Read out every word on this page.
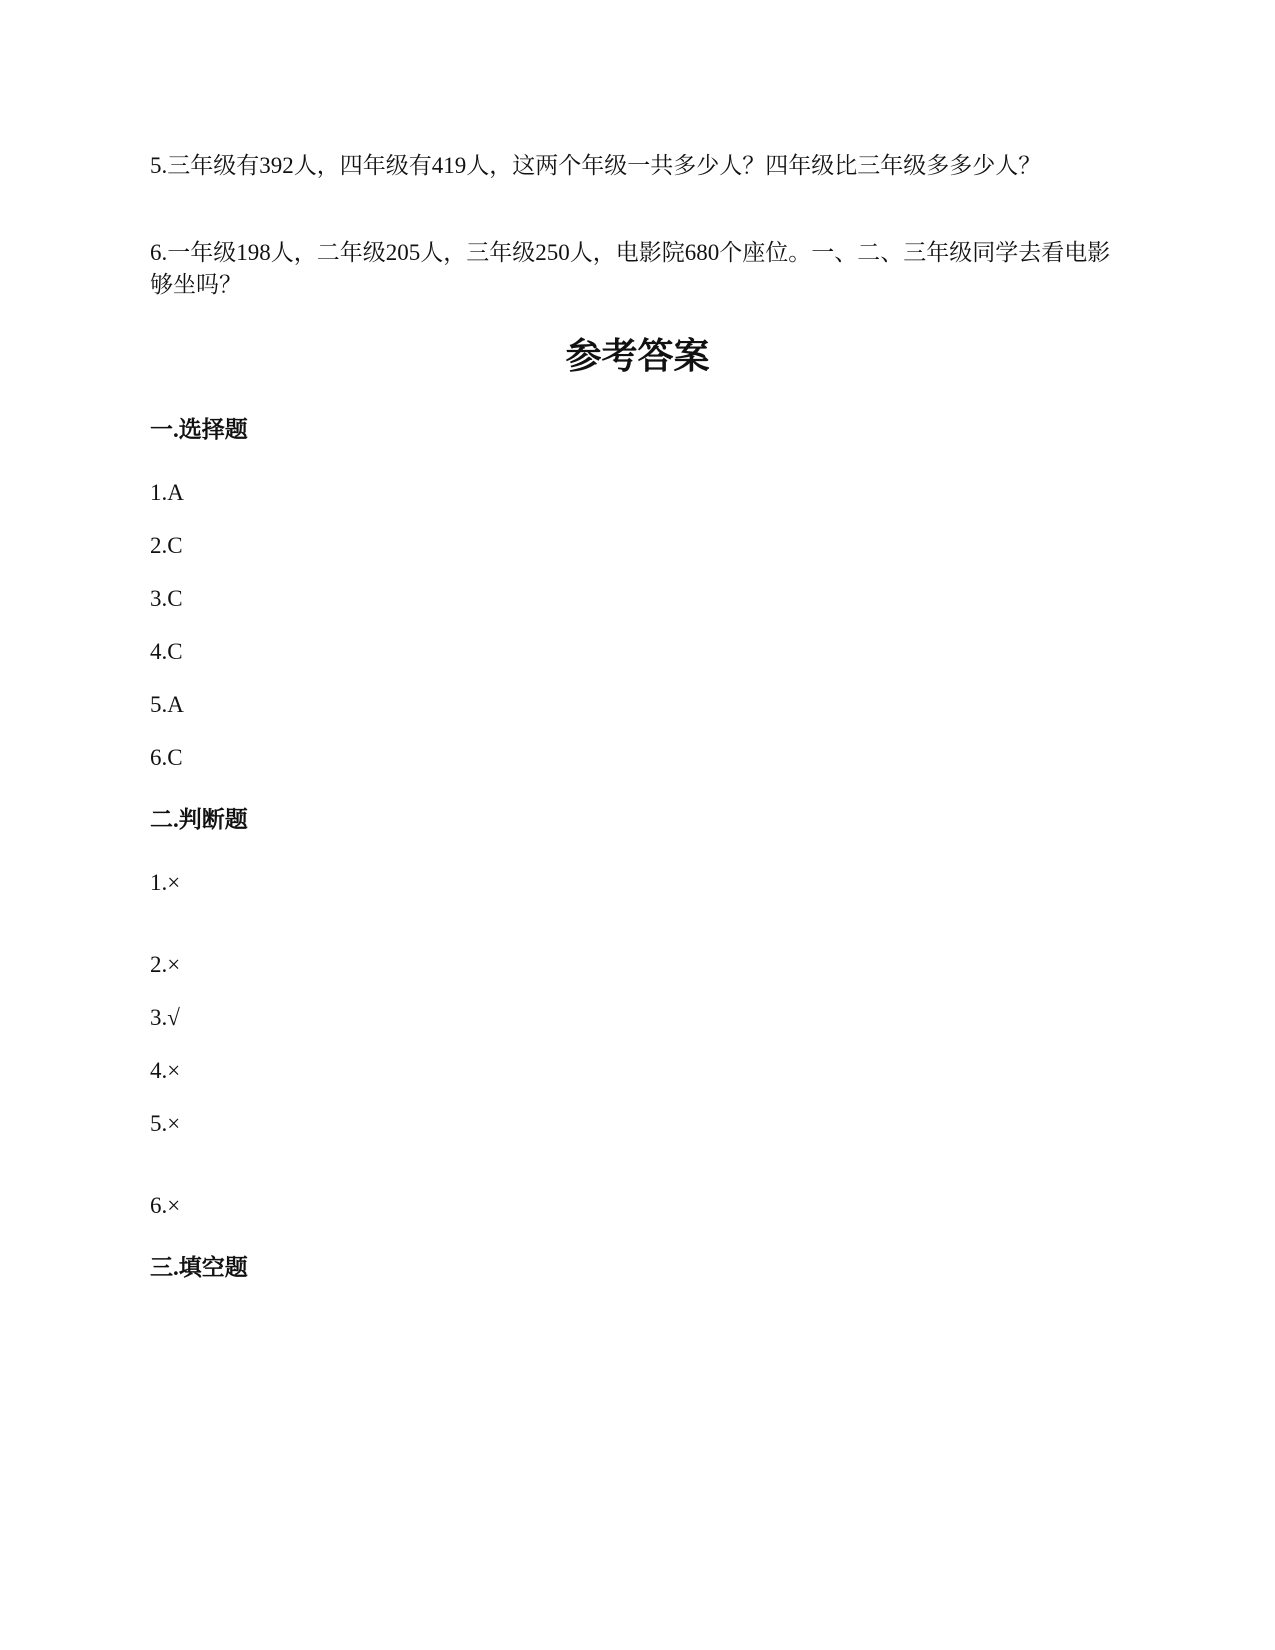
5.三年级有392人，四年级有419人，这两个年级一共多少人？四年级比三年级多多少人？
6.一年级198人，二年级205人，三年级250人，电影院680个座位。一、二、三年级同学去看电影够坐吗？
参考答案
一.选择题
1.A
2.C
3.C
4.C
5.A
6.C
二.判断题
1.×
2.×
3.√
4.×
5.×
6.×
三.填空题
